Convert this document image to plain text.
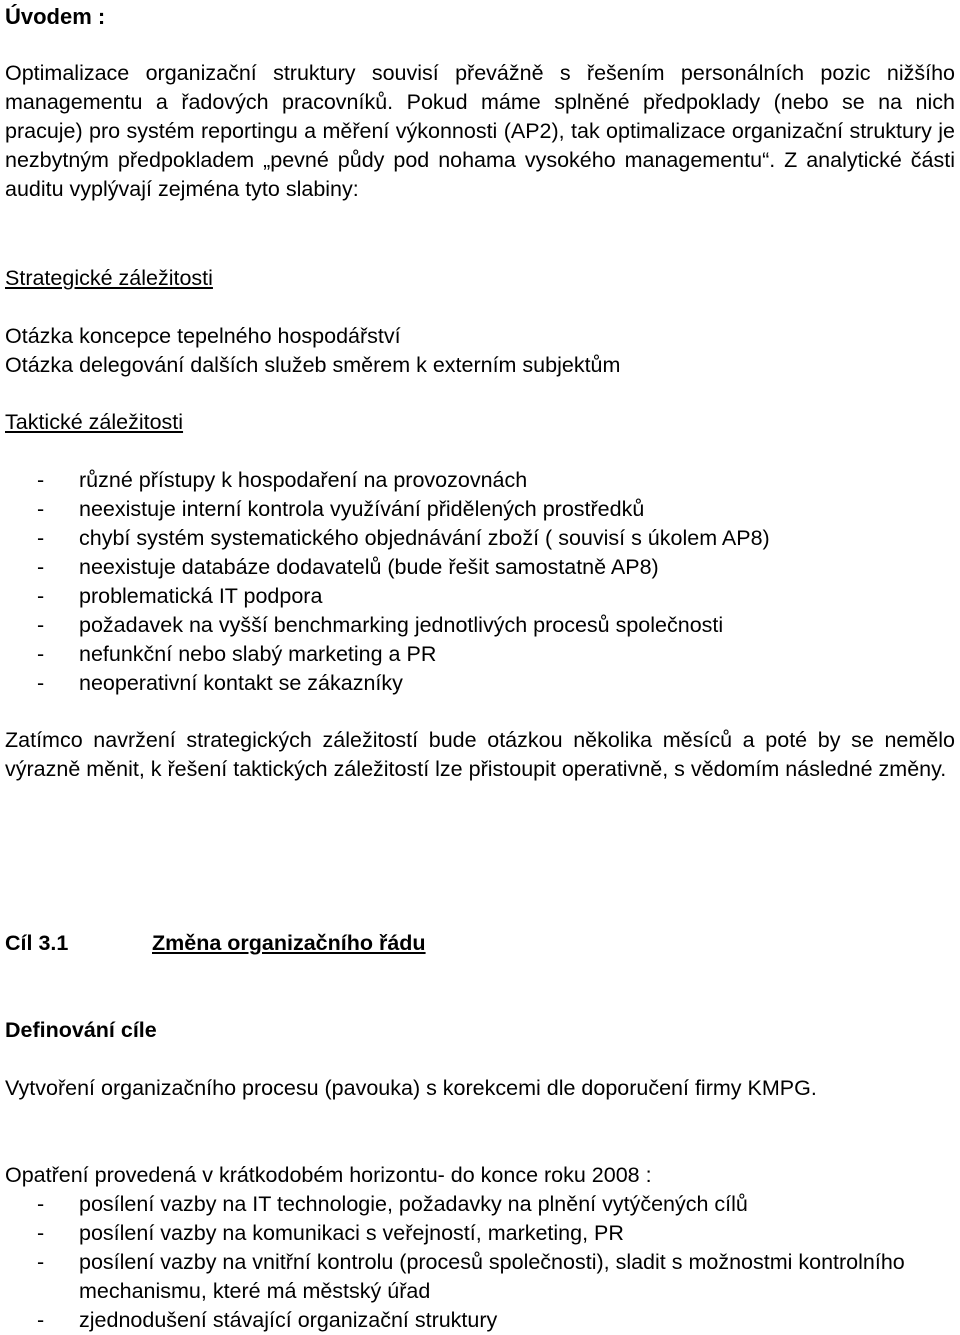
Úvodem :

Optimalizace organizační struktury souvisí převážně s řešením personálních pozic nižšího managementu a řadových pracovníků. Pokud máme splněné předpoklady (nebo se na nich pracuje) pro systém reportingu a měření výkonnosti (AP2), tak optimalizace organizační struktury je nezbytným předpokladem „pevné půdy pod nohama vysokého managementu“. Z analytické části auditu vyplývají zejména tyto slabiny:

Strategické záležitosti

Otázka koncepce tepelného hospodářství
Otázka delegování dalších služeb směrem k externím subjektům

Taktické záležitosti

- různé přístupy k hospodaření na provozovnách
- neexistuje interní kontrola využívání přidělených prostředků
- chybí systém systematického objednávání zboží ( souvisí s úkolem AP8)
- neexistuje databáze dodavatelů (bude řešit samostatně AP8)
- problematická IT podpora
- požadavek na vyšší benchmarking jednotlivých procesů společnosti
- nefunkční nebo slabý marketing a PR
- neoperativní kontakt se zákazníky

Zatímco navržení strategických záležitostí bude otázkou několika měsíců a poté by se nemělo výrazně měnit, k řešení taktických záležitostí lze přistoupit operativně, s vědomím následné změny.

Cíl 3.1	Změna organizačního řádu

Definování cíle

Vytvoření organizačního procesu (pavouka) s korekcemi dle doporučení firmy KMPG.

Opatření provedená v krátkodobém horizontu- do konce roku 2008 :

- posílení vazby na IT technologie, požadavky na plnění vytýčených cílů
- posílení vazby na komunikaci s veřejností, marketing, PR
- posílení vazby na vnitřní kontrolu (procesů společnosti), sladit s možnostmi kontrolního mechanismu, které má městský úřad
- zjednodušení stávající organizační struktury
